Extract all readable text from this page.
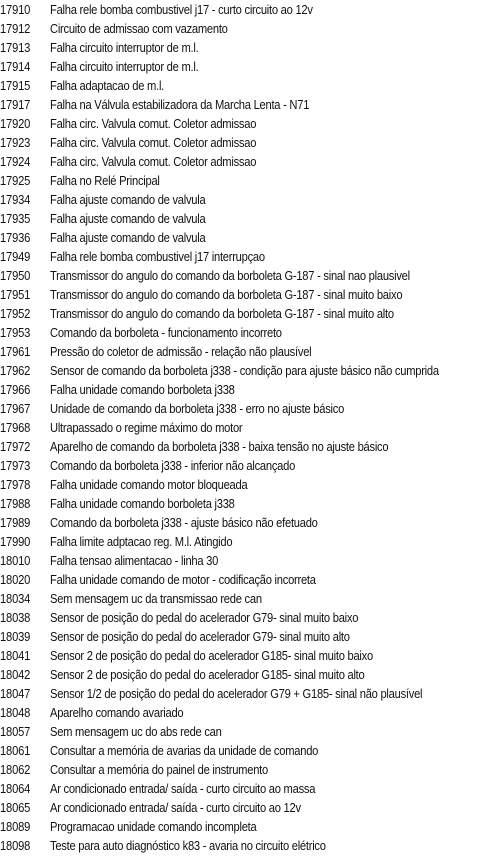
17910	Falha rele bomba combustivel j17 - curto circuito ao 12v
17912	Circuito de admissao com vazamento
17913	Falha circuito interruptor de m.l.
17914	Falha circuito interruptor de m.l.
17915	Falha adaptacao de m.l.
17917	Falha na Válvula estabilizadora da Marcha Lenta - N71
17920	Falha circ. Valvula comut. Coletor admissao
17923	Falha circ. Valvula comut. Coletor admissao
17924	Falha circ. Valvula comut. Coletor admissao
17925	Falha no Relé Principal
17934	Falha ajuste comando de valvula
17935	Falha ajuste comando de valvula
17936	Falha ajuste comando de valvula
17949	Falha rele bomba combustivel j17 interrupçao
17950	Transmissor do angulo do comando da borboleta G-187 - sinal nao plausivel
17951	Transmissor do angulo do comando da borboleta G-187 - sinal muito baixo
17952	Transmissor do angulo do comando da borboleta G-187 - sinal muito alto
17953	Comando da borboleta - funcionamento incorreto
17961	Pressão do coletor de admissão - relação não plausível
17962	Sensor de comando da borboleta j338 - condição para ajuste básico não cumprida
17966	Falha unidade comando borboleta j338
17967	Unidade de comando da borboleta j338 - erro no ajuste básico
17968	Ultrapassado o regime máximo do motor
17972	Aparelho de comando da borboleta j338 - baixa tensão no ajuste básico
17973	Comando da borboleta j338 - inferior não alcançado
17978	Falha unidade comando motor bloqueada
17988	Falha unidade comando borboleta j338
17989	Comando da borboleta j338 - ajuste básico não efetuado
17990	Falha limite adptacao reg. M.l. Atingido
18010	Falha tensao alimentacao - linha 30
18020	Falha unidade comando de motor - codificação incorreta
18034	Sem mensagem uc da transmissao rede can
18038	Sensor de posição do pedal do acelerador G79- sinal muito baixo
18039	Sensor de posição do pedal do acelerador G79- sinal muito alto
18041	Sensor 2 de posição do pedal do acelerador G185- sinal muito baixo
18042	Sensor 2 de posição do pedal do acelerador G185- sinal muito alto
18047	Sensor 1/2 de posição do pedal do acelerador G79 + G185- sinal não plausível
18048	Aparelho comando avariado
18057	Sem mensagem uc do abs rede can
18061	Consultar a memória de avarias da unidade de comando
18062	Consultar a memória do painel de instrumento
18064	Ar condicionado entrada/ saída - curto circuito ao massa
18065	Ar condicionado entrada/ saída - curto circuito ao 12v
18089	Programacao unidade comando incompleta
18098	Teste para auto diagnóstico k83 - avaria no circuito elétrico
